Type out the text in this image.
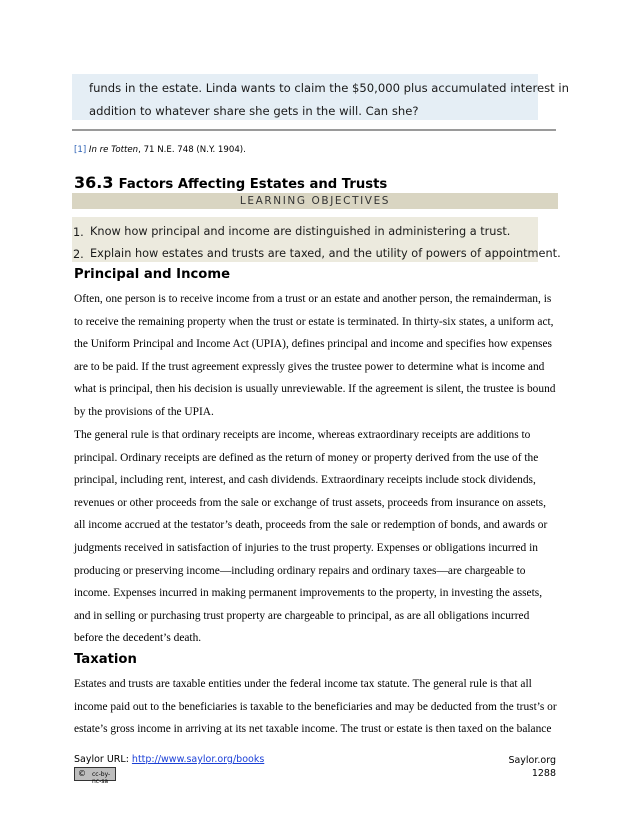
funds in the estate. Linda wants to claim the $50,000 plus accumulated interest in
addition to whatever share she gets in the will. Can she?
[1] In re Totten, 71 N.E. 748 (N.Y. 1904).
36.3 Factors Affecting Estates and Trusts
LEARNING OBJECTIVES
1. Know how principal and income are distinguished in administering a trust.
2. Explain how estates and trusts are taxed, and the utility of powers of appointment.
Principal and Income
Often, one person is to receive income from a trust or an estate and another person, the remainderman, is
to receive the remaining property when the trust or estate is terminated. In thirty-six states, a uniform act,
the Uniform Principal and Income Act (UPIA), defines principal and income and specifies how expenses
are to be paid. If the trust agreement expressly gives the trustee power to determine what is income and
what is principal, then his decision is usually unreviewable. If the agreement is silent, the trustee is bound
by the provisions of the UPIA.
The general rule is that ordinary receipts are income, whereas extraordinary receipts are additions to
principal. Ordinary receipts are defined as the return of money or property derived from the use of the
principal, including rent, interest, and cash dividends. Extraordinary receipts include stock dividends,
revenues or other proceeds from the sale or exchange of trust assets, proceeds from insurance on assets,
all income accrued at the testator’s death, proceeds from the sale or redemption of bonds, and awards or
judgments received in satisfaction of injuries to the trust property. Expenses or obligations incurred in
producing or preserving income—including ordinary repairs and ordinary taxes—are chargeable to
income. Expenses incurred in making permanent improvements to the property, in investing the assets,
and in selling or purchasing trust property are chargeable to principal, as are all obligations incurred
before the decedent’s death.
Taxation
Estates and trusts are taxable entities under the federal income tax statute. The general rule is that all
income paid out to the beneficiaries is taxable to the beneficiaries and may be deducted from the trust’s or
estate’s gross income in arriving at its net taxable income. The trust or estate is then taxed on the balance
Saylor URL: http://www.saylor.org/books
© cc-by-nc-sa
Saylor.org
1288
